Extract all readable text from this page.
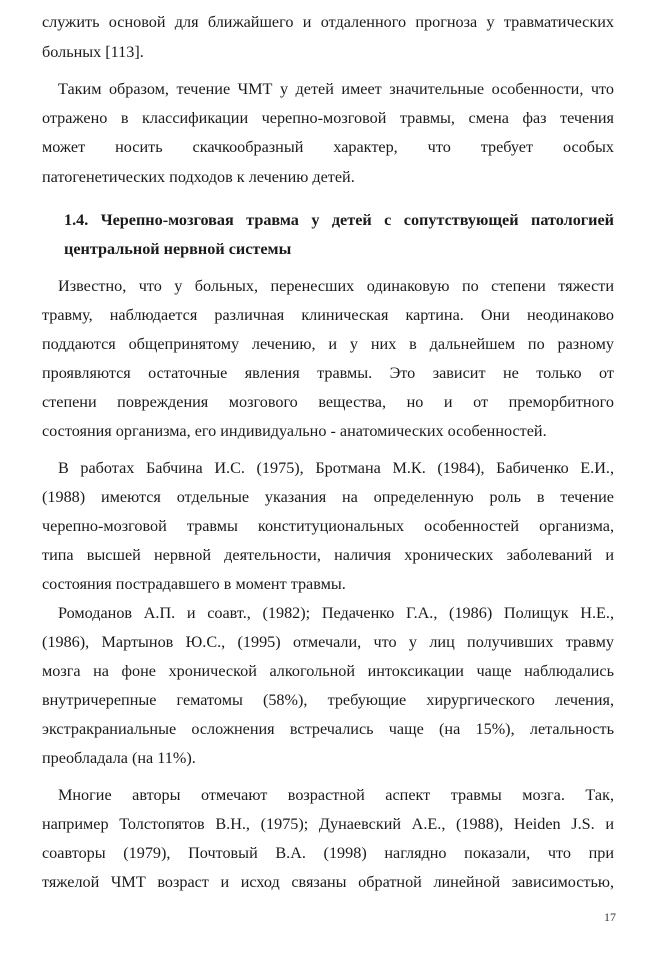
служить основой для ближайшего и отдаленного прогноза у травматических
больных [113].
Таким образом, течение ЧМТ у детей имеет значительные особенности, что
отражено в классификации черепно-мозговой травмы, смена фаз течения
может носить скачкообразный характер, что требует особых
патогенетических подходов к лечению детей.
1.4. Черепно-мозговая травма у детей с сопутствующей патологией
центральной нервной системы
Известно, что у больных, перенесших одинаковую по степени тяжести
травму, наблюдается различная клиническая картина. Они неодинаково
поддаются общепринятому лечению, и у них в дальнейшем по разному
проявляются остаточные явления травмы. Это зависит не только от
степени повреждения мозгового вещества, но и от преморбитного
состояния организма, его индивидуально - анатомических особенностей.
В работах Бабчина И.С. (1975), Бротмана М.К. (1984), Бабиченко Е.И.,
(1988) имеются отдельные указания на определенную роль в течение
черепно-мозговой травмы конституциональных особенностей организма,
типа высшей нервной деятельности, наличия хронических заболеваний и
состояния пострадавшего в момент травмы.
Ромоданов А.П. и соавт., (1982); Педаченко Г.А., (1986) Полищук Н.Е.,
(1986), Мартынов Ю.С., (1995) отмечали, что у лиц получивших травму
мозга на фоне хронической алкогольной интоксикации чаще наблюдались
внутричерепные гематомы (58%), требующие хирургического лечения,
экстракраниальные осложнения встречались чаще (на 15%), летальность
преобладала (на 11%).
Многие авторы отмечают возрастной аспект травмы мозга. Так,
например Толстопятов В.Н., (1975); Дунаевский А.Е., (1988), Heiden J.S. и
соавторы (1979), Почтовый В.А. (1998) наглядно показали, что при
тяжелой ЧМТ возраст и исход связаны обратной линейной зависимостью,
17
